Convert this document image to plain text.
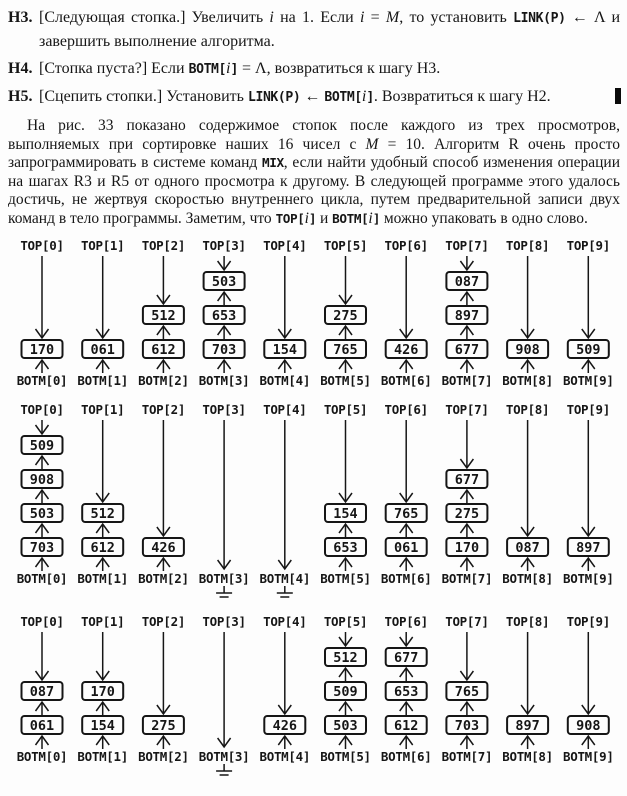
H3. [Следующая стопка.] Увеличить i на 1. Если i = M, то установить LINK(P) ← Λ и завершить выполнение алгоритма.
H4. [Стопка пуста?] Если BOTM[i] = Λ, возвратиться к шагу H3.
H5. [Сцепить стопки.] Установить LINK(P) ← BOTM[i]. Возвратиться к шагу H2.
На рис. 33 показано содержимое стопок после каждого из трех просмотров, выполняемых при сортировке наших 16 чисел с M = 10. Алгоритм R очень просто запрограммировать в системе команд MIX, если найти удобный способ изменения операции на шагах R3 и R5 от одного просмотра к другому. В следующей программе этого удалось достичь, не жертвуя скоростью внутреннего цикла, путем предварительной записи двух команд в тело программы. Заметим, что TOP[i] и BOTM[i] можно упаковать в одно слово.
TOP[0]
BOTM[0]
170
TOP[1]
BOTM[1]
061
TOP[2]
BOTM[2]
512
612
TOP[3]
BOTM[3]
503
653
703
TOP[4]
BOTM[4]
154
TOP[5]
BOTM[5]
275
765
TOP[6]
BOTM[6]
426
TOP[7]
BOTM[7]
087
897
677
TOP[8]
BOTM[8]
908
TOP[9]
BOTM[9]
509
TOP[0]
BOTM[0]
509
908
503
703
TOP[1]
BOTM[1]
512
612
TOP[2]
BOTM[2]
426
TOP[3]
BOTM[3]
TOP[4]
BOTM[4]
TOP[5]
BOTM[5]
154
653
TOP[6]
BOTM[6]
765
061
TOP[7]
BOTM[7]
677
275
170
TOP[8]
BOTM[8]
087
TOP[9]
BOTM[9]
897
TOP[0]
BOTM[0]
087
061
TOP[1]
BOTM[1]
170
154
TOP[2]
BOTM[2]
275
TOP[3]
BOTM[3]
TOP[4]
BOTM[4]
426
TOP[5]
BOTM[5]
512
509
503
TOP[6]
BOTM[6]
677
653
612
TOP[7]
BOTM[7]
765
703
TOP[8]
BOTM[8]
897
TOP[9]
BOTM[9]
908
